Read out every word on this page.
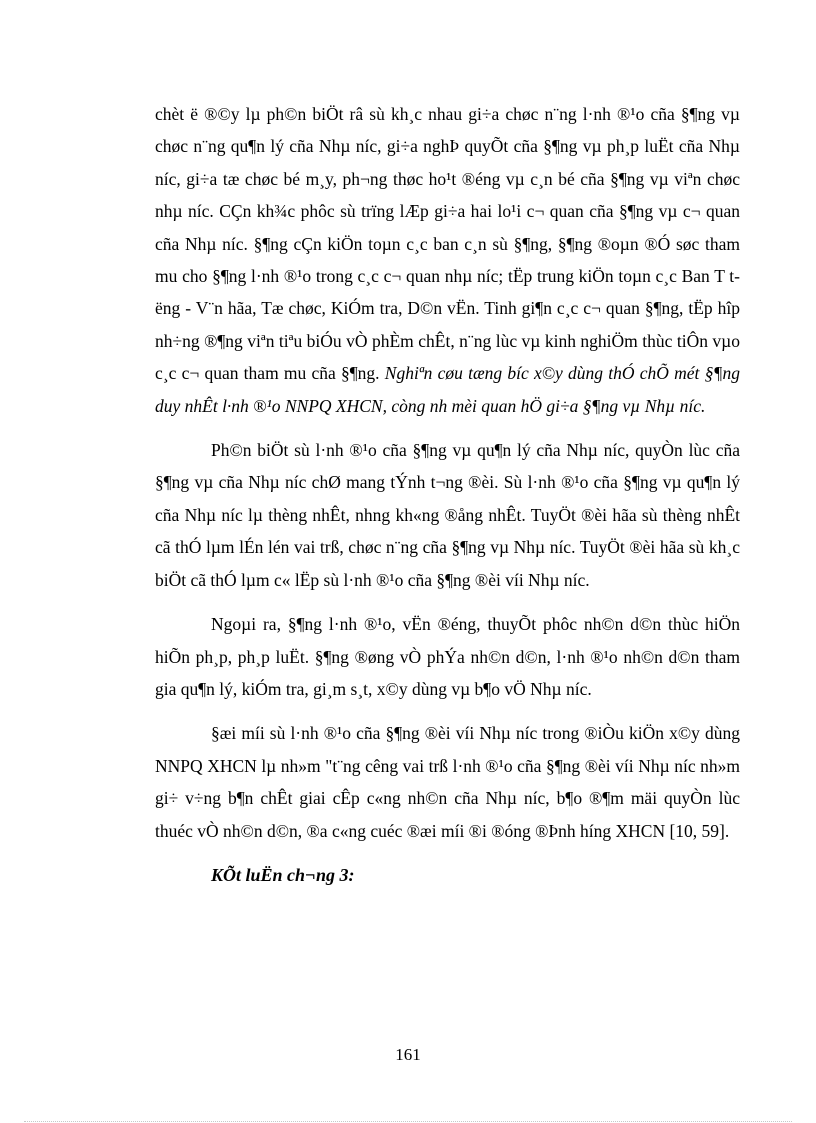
chèt ë ®©y lµ ph©n biÖt râ sù kh¸c nhau gi÷a chøc n¨ng l·nh ®¹o cña §¶ng vµ chøc n¨ng qu¶n lý cña Nhµ níc, gi÷a nghÞ quyÕt cña §¶ng vµ ph¸p luËt cña Nhµ níc, gi÷a tæ chøc bé m¸y, ph¬ng thøc ho¹t ®éng vµ c¸n bé cña §¶ng vµ viªn chøc nhµ níc. CÇn kh¾c phôc sù trïng lÆp gi÷a hai lo¹i c¬ quan cña §¶ng vµ c¬ quan cña Nhµ níc. §¶ng cÇn kiÖn toµn c¸c ban c¸n sù §¶ng, §¶ng ®oµn ®Ó søc tham mu cho §¶ng l·nh ®¹o trong c¸c c¬ quan nhµ níc; tËp trung kiÖn toµn c¸c Ban T tëng - V¨n hãa, Tæ chøc, KiÓm tra, D©n vËn. Tinh gi¶n c¸c c¬ quan §¶ng, tËp hîp nh÷ng ®¶ng viªn tiªu biÓu vÒ phÈm chÊt, n¨ng lùc vµ kinh nghiÖm thùc tiÔn vµo c¸c c¬ quan tham mu cña §¶ng. Nghiªn cøu tæng bíc x©y dùng thÓ chÕ mét §¶ng duy nhÊt l·nh ®¹o NNPQ XHCN, còng nh mèi quan hÖ gi÷a §¶ng vµ Nhµ níc.

Ph©n biÖt sù l·nh ®¹o cña §¶ng vµ qu¶n lý cña Nhµ níc, quyÒn lùc cña §¶ng vµ cña Nhµ níc chØ mang tÝnh t¬ng ®èi. Sù l·nh ®¹o cña §¶ng vµ qu¶n lý cña Nhµ níc lµ thèng nhÊt, nhng kh«ng ®ång nhÊt. TuyÖt ®èi hãa sù thèng nhÊt cã thÓ lµm lÉn lén vai trß, chøc n¨ng cña §¶ng vµ Nhµ níc. TuyÖt ®èi hãa sù kh¸c biÖt cã thÓ lµm c« lËp sù l·nh ®¹o cña §¶ng ®èi víi Nhµ níc.

Ngoµi ra, §¶ng l·nh ®¹o, vËn ®éng, thuyÕt phôc nh©n d©n thùc hiÖn hiÕn ph¸p, ph¸p luËt. §¶ng ®øng vÒ phÝa nh©n d©n, l·nh ®¹o nh©n d©n tham gia qu¶n lý, kiÓm tra, gi¸m s¸t, x©y dùng vµ b¶o vÖ Nhµ níc.

§æi míi sù l·nh ®¹o cña §¶ng ®èi víi Nhµ níc trong ®iÒu kiÖn x©y dùng NNPQ XHCN lµ nh»m "t¨ng cêng vai trß l·nh ®¹o cña §¶ng ®èi víi Nhµ níc nh»m gi÷ v÷ng b¶n chÊt giai cÊp c«ng nh©n cña Nhµ níc, b¶o ®¶m mäi quyÒn lùc thuéc vÒ nh©n d©n, ®a c«ng cuéc ®æi míi ®i ®óng ®Þnh híng XHCN [10, 59].

KÕt luËn ch¬ng 3:
161
